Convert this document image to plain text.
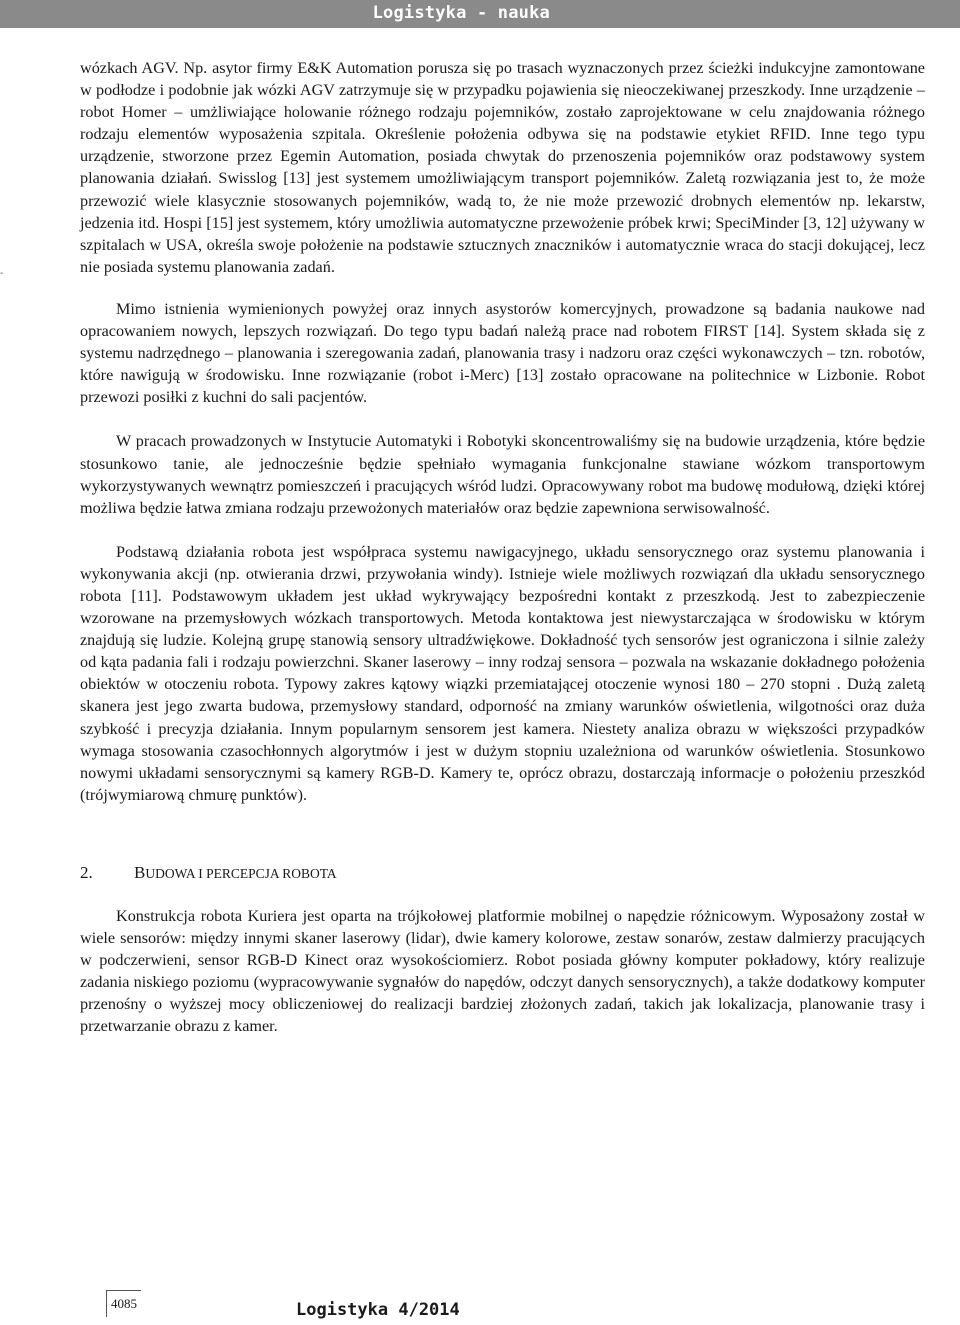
Logistyka - nauka
-

wózkach AGV. Np. asytor firmy E&K Automation porusza się po trasach wyznaczonych przez ścieżki indukcyjne zamontowane w podłodze i podobnie jak wózki AGV zatrzymuje się w przypadku pojawienia się nieoczekiwanej przeszkody. Inne urządzenie – robot Homer – umżliwiające holowanie różnego rodzaju pojemników, zostało zaprojektowane w celu znajdowania różnego rodzaju elementów wyposażenia szpitala. Określenie położenia odbywa się na podstawie etykiet RFID. Inne tego typu urządzenie, stworzone przez Egemin Automation, posiada chwytak do przenoszenia pojemników oraz podstawowy system planowania działań. Swisslog [13] jest systemem umożliwiającym transport pojemników. Zaletą rozwiązania jest to, że może przewozić wiele klasycznie stosowanych pojemników, wadą to, że nie może przewozić drobnych elementów np. lekarstw, jedzenia itd. Hospi [15] jest systemem, który umożliwia automatyczne przewożenie próbek krwi; SpeciMinder [3, 12] używany w szpitalach w USA, określa swoje położenie na podstawie sztucznych znaczników i automatycznie wraca do stacji dokującej, lecz nie posiada systemu planowania zadań.

Mimo istnienia wymienionych powyżej oraz innych asystorów komercyjnych, prowadzone są badania naukowe nad opracowaniem nowych, lepszych rozwiązań. Do tego typu badań należą prace nad robotem FIRST [14]. System składa się z systemu nadrzędnego – planowania i szeregowania zadań, planowania trasy i nadzoru oraz części wykonawczych – tzn. robotów, które nawigują w środowisku. Inne rozwiązanie (robot i-Merc) [13] zostało opracowane na politechnice w Lizbonie. Robot przewozi posiłki z kuchni do sali pacjentów.

W pracach prowadzonych w Instytucie Automatyki i Robotyki skoncentrowaliśmy się na budowie urządzenia, które będzie stosunkowo tanie, ale jednocześnie będzie spełniało wymagania funkcjonalne stawiane wózkom transportowym wykorzystywanych wewnątrz pomieszczeń i pracujących wśród ludzi. Opracowywany robot ma budowę modułową, dzięki której możliwa będzie łatwa zmiana rodzaju przewożonych materiałów oraz będzie zapewniona serwisowalność.

Podstawą działania robota jest współpraca systemu nawigacyjnego, układu sensorycznego oraz systemu planowania i wykonywania akcji (np. otwierania drzwi, przywołania windy). Istnieje wiele możliwych rozwiązań dla układu sensorycznego robota [11]. Podstawowym układem jest układ wykrywający bezpośredni kontakt z przeszkodą. Jest to zabezpieczenie wzorowane na przemysłowych wózkach transportowych. Metoda kontaktowa jest niewystarczająca w środowisku w którym znajdują się ludzie. Kolejną grupę stanowią sensory ultradźwiękowe. Dokładność tych sensorów jest ograniczona i silnie zależy od kąta padania fali i rodzaju powierzchni. Skaner laserowy – inny rodzaj sensora – pozwala na wskazanie dokładnego położenia obiektów w otoczeniu robota. Typowy zakres kątowy wiązki przemiatającej otoczenie wynosi 180 – 270 stopni . Dużą zaletą skanera jest jego zwarta budowa, przemysłowy standard, odporność na zmiany warunków oświetlenia, wilgotności oraz duża szybkość i precyzja działania. Innym popularnym sensorem jest kamera. Niestety analiza obrazu w większości przypadków wymaga stosowania czasochłonnych algorytmów i jest w dużym stopniu uzależniona od warunków oświetlenia. Stosunkowo nowymi układami sensorycznymi są kamery RGB-D. Kamery te, oprócz obrazu, dostarczają informacje o położeniu przeszkód (trójwymiarową chmurę punktów).

2. BUDOWA I PERCEPCJA ROBOTA

Konstrukcja robota Kuriera jest oparta na trójkołowej platformie mobilnej o napędzie różnicowym. Wyposażony został w wiele sensorów: między innymi skaner laserowy (lidar), dwie kamery kolorowe, zestaw sonarów, zestaw dalmierzy pracujących w podczerwieni, sensor RGB-D Kinect oraz wysokościomierz. Robot posiada główny komputer pokładowy, który realizuje zadania niskiego poziomu (wypracowywanie sygnałów do napędów, odczyt danych sensorycznych), a także dodatkowy komputer przenośny o wyższej mocy obliczeniowej do realizacji bardziej złożonych zadań, takich jak lokalizacja, planowanie trasy i przetwarzanie obrazu z kamer.

4085	Logistyka 4/2014
